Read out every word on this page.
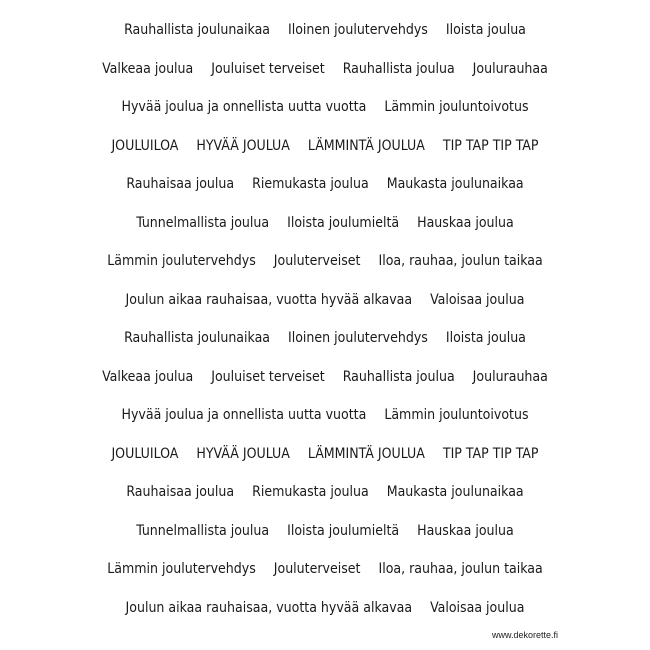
Rauhallista joulunaikaa Iloinen joulutervehdys Iloista joulua
Valkeaa joulua Jouluiset terveiset Rauhallista joulua Joulurauhaa
Hyvää joulua ja onnellista uutta vuotta Lämmin jouluntoivotus
JOULUILOA HYVÄÄ JOULUA LÄMMINTÄ JOULUA TIP TAP TIP TAP
Rauhaisaa joulua Riemukasta joulua Maukasta joulunaikaa
Tunnelmallista joulua Iloista joulumieltä Hauskaa joulua
Lämmin joulutervehdys Jouluterveiset Iloa, rauhaa, joulun taikaa
Joulun aikaa rauhaisaa, vuotta hyvää alkavaa Valoisaa joulua
Rauhallista joulunaikaa Iloinen joulutervehdys Iloista joulua
Valkeaa joulua Jouluiset terveiset Rauhallista joulua Joulurauhaa
Hyvää joulua ja onnellista uutta vuotta Lämmin jouluntoivotus
JOULUILOA HYVÄÄ JOULUA LÄMMINTÄ JOULUA TIP TAP TIP TAP
Rauhaisaa joulua Riemukasta joulua Maukasta joulunaikaa
Tunnelmallista joulua Iloista joulumieltä Hauskaa joulua
Lämmin joulutervehdys Jouluterveiset Iloa, rauhaa, joulun taikaa
Joulun aikaa rauhaisaa, vuotta hyvää alkavaa Valoisaa joulua
www.dekorette.fi
